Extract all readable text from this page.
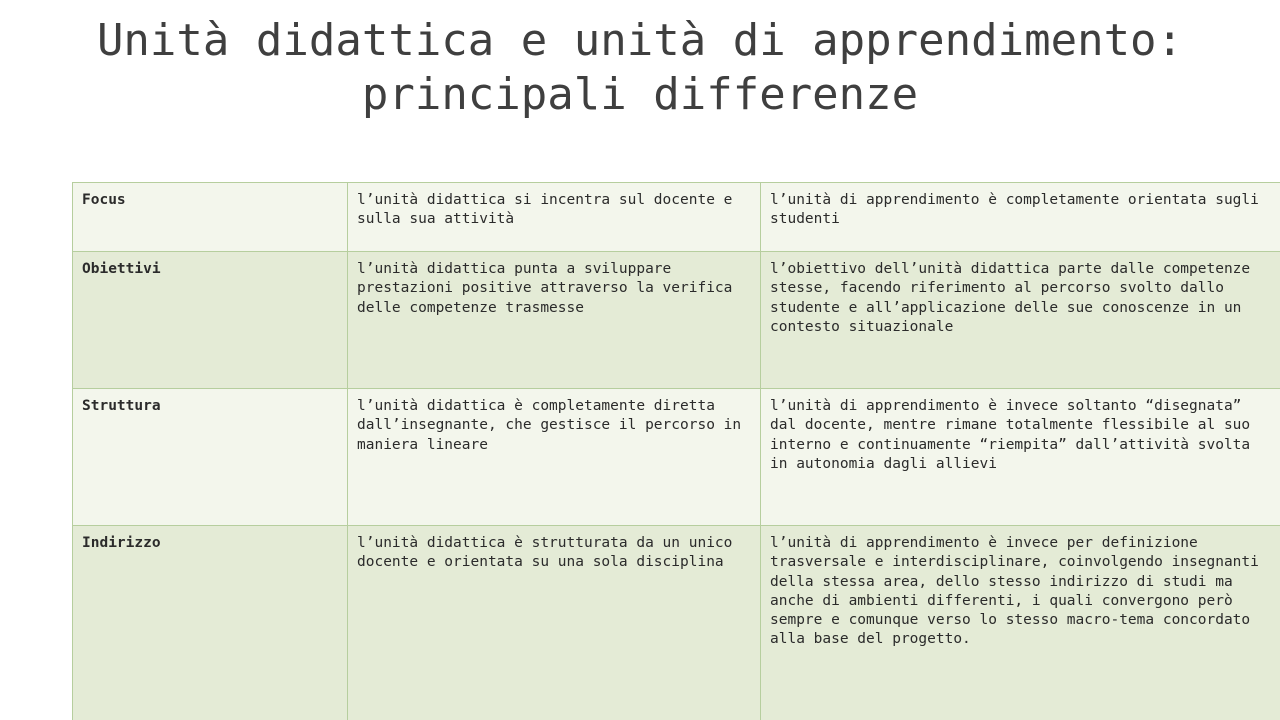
Unità didattica e unità di apprendimento: principali differenze
Focus	l’unità didattica si incentra sul docente e sulla sua attività	l’unità di apprendimento è completamente orientata sugli studenti
Obiettivi	l’unità didattica punta a sviluppare prestazioni positive attraverso la verifica delle competenze trasmesse	l’obiettivo dell’unità didattica parte dalle competenze stesse, facendo riferimento al percorso svolto dallo studente e all’applicazione delle sue conoscenze in un contesto situazionale
Struttura	l’unità didattica è completamente diretta dall’insegnante, che gestisce il percorso in maniera lineare	l’unità di apprendimento è invece soltanto “disegnata” dal docente, mentre rimane totalmente flessibile al suo interno e continuamente “riempita” dall’attività svolta in autonomia dagli allievi
Indirizzo	l’unità didattica è strutturata da un unico docente e orientata su una sola disciplina	l’unità di apprendimento è invece per definizione trasversale e interdisciplinare, coinvolgendo insegnanti della stessa area, dello stesso indirizzo di studi ma anche di ambienti differenti, i quali convergono però sempre e comunque verso lo stesso macro-tema concordato alla base del progetto.
